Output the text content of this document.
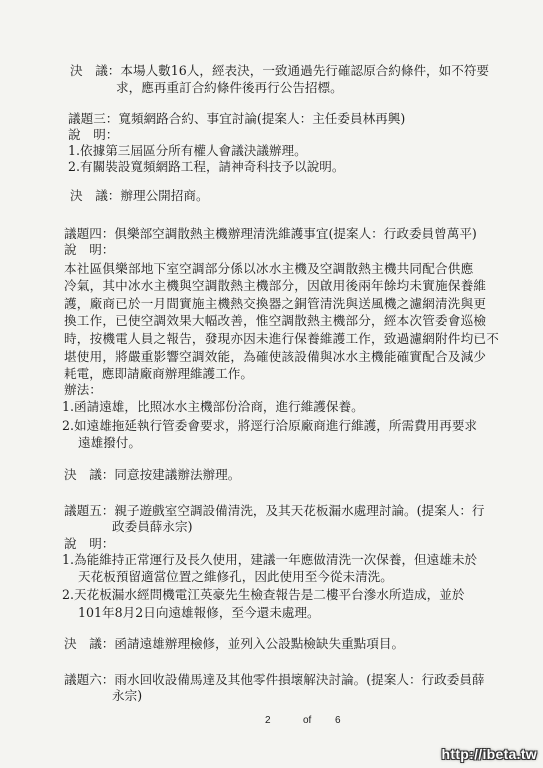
決　議：本場人數16人，經表決，一致通過先行確認原合約條件，如不符要
求，應再重訂合約條件後再行公告招標。
議題三：寬頻網路合約、事宜討論(提案人：主任委員林再興)
說　明：
1.依據第三屆區分所有權人會議決議辦理。
2.有關裝設寬頻網路工程，請神奇科技予以說明。
決　議：辦理公開招商。
議題四：俱樂部空調散熱主機辦理清洗維護事宜(提案人：行政委員曾萬平)
說　明：
本社區俱樂部地下室空調部分係以冰水主機及空調散熱主機共同配合供應
冷氣，其中冰水主機與空調散熱主機部分，因啟用後兩年餘均未實施保養維
護，廠商已於一月間實施主機熱交換器之銅管清洗與送風機之濾網清洗與更
換工作，已使空調效果大幅改善，惟空調散熱主機部分，經本次管委會巡檢
時，按機電人員之報告，發現亦因未進行保養維護工作，致過濾網附件均已不
堪使用，將嚴重影響空調效能，為確使該設備與冰水主機能確實配合及減少
耗電，應即請廠商辦理維護工作。
辦法：
1.函請遠雄，比照冰水主機部份洽商，進行維護保養。
2.如遠雄拖延執行管委會要求，將逕行洽原廠商進行維護，所需費用再要求
遠雄撥付。
決　議：同意按建議辦法辦理。
議題五：親子遊戲室空調設備清洗，及其天花板漏水處理討論。(提案人：行
政委員薛永宗)
說　明：
1.為能維持正常運行及長久使用，建議一年應做清洗一次保養，但遠雄未於
天花板預留適當位置之維修孔，因此使用至今從未清洗。
2.天花板漏水經問機電江英豪先生檢查報告是二樓平台滲水所造成，並於
101年8月2日向遠雄報修，至今還未處理。
決　議：函請遠雄辦理檢修，並列入公設點檢缺失重點項目。
議題六：雨水回收設備馬達及其他零件損壞解決討論。(提案人：行政委員薛
永宗)
2	of 6
http://ibeta.tw
